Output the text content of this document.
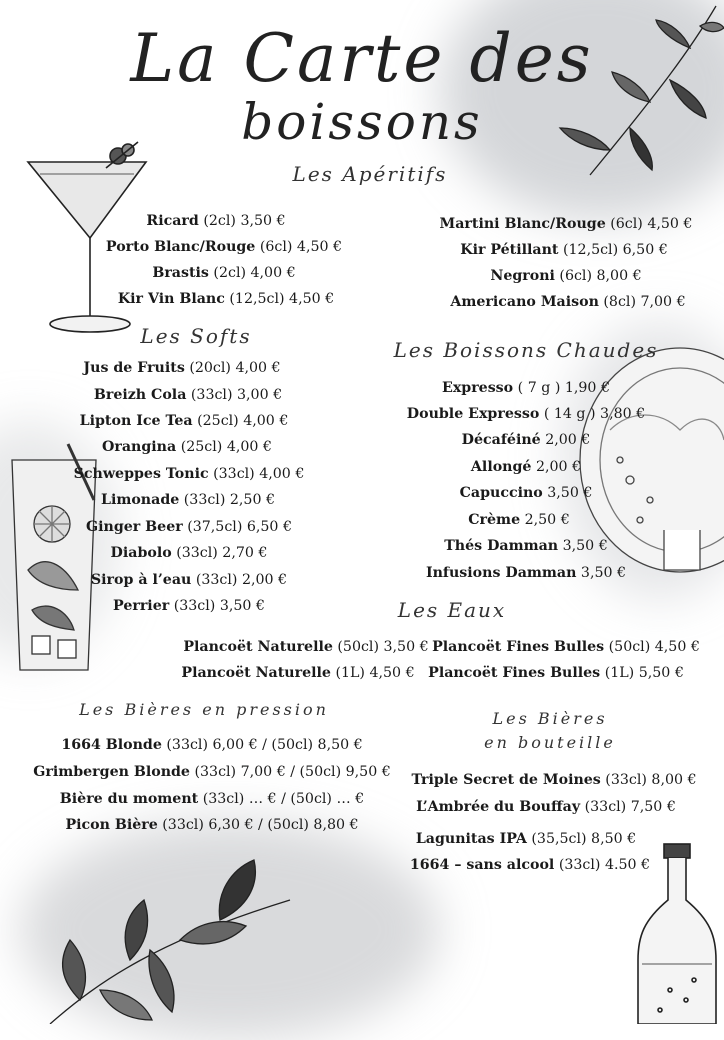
La Carte des
boissons
Les Apéritifs
Les Softs
Les Boissons Chaudes
Les Eaux
Les Bières en pression	Les Bières
en bouteille
Ricard (2cl) 3,50 €
Porto Blanc/Rouge (6cl) 4,50 €
Brastis (2cl) 4,00 €
Kir Vin Blanc (12,5cl) 4,50 €
Martini Blanc/Rouge (6cl) 4,50 €
Kir Pétillant (12,5cl) 6,50 €
Negroni (6cl) 8,00 €
Americano Maison (8cl) 7,00 €
Jus de Fruits (20cl) 4,00 €
Breizh Cola (33cl) 3,00 €
Lipton Ice Tea (25cl) 4,00 €
Orangina (25cl) 4,00 €
Schweppes Tonic (33cl) 4,00 €
Limonade (33cl) 2,50 €
Ginger Beer (37,5cl) 6,50 €
Diabolo (33cl) 2,70 €
Sirop à l’eau (33cl) 2,00 €
Perrier (33cl) 3,50 €
Expresso ( 7 g ) 1,90 €
Double Expresso ( 14 g ) 3,80 €
Décaféiné 2,00 €
Allongé 2,00 €
Capuccino 3,50 €
Crème 2,50 €
Thés Damman 3,50 €
Infusions Damman 3,50 €
Plancoët Naturelle (50cl) 3,50 €
Plancoët Naturelle (1L) 4,50 €
Plancoët Fines Bulles (50cl) 4,50 €
Plancoët Fines Bulles (1L) 5,50 €
1664 Blonde (33cl) 6,00 € / (50cl) 8,50 €
Grimbergen Blonde (33cl) 7,00 € / (50cl) 9,50 €
Bière du moment (33cl) … € / (50cl) … €
Picon Bière (33cl) 6,30 € / (50cl) 8,80 €
Triple Secret de Moines (33cl) 8,00 €
L’Ambrée du Bouffay (33cl) 7,50 €
Lagunitas IPA (35,5cl) 8,50 €
1664 – sans alcool (33cl) 4.50 €
